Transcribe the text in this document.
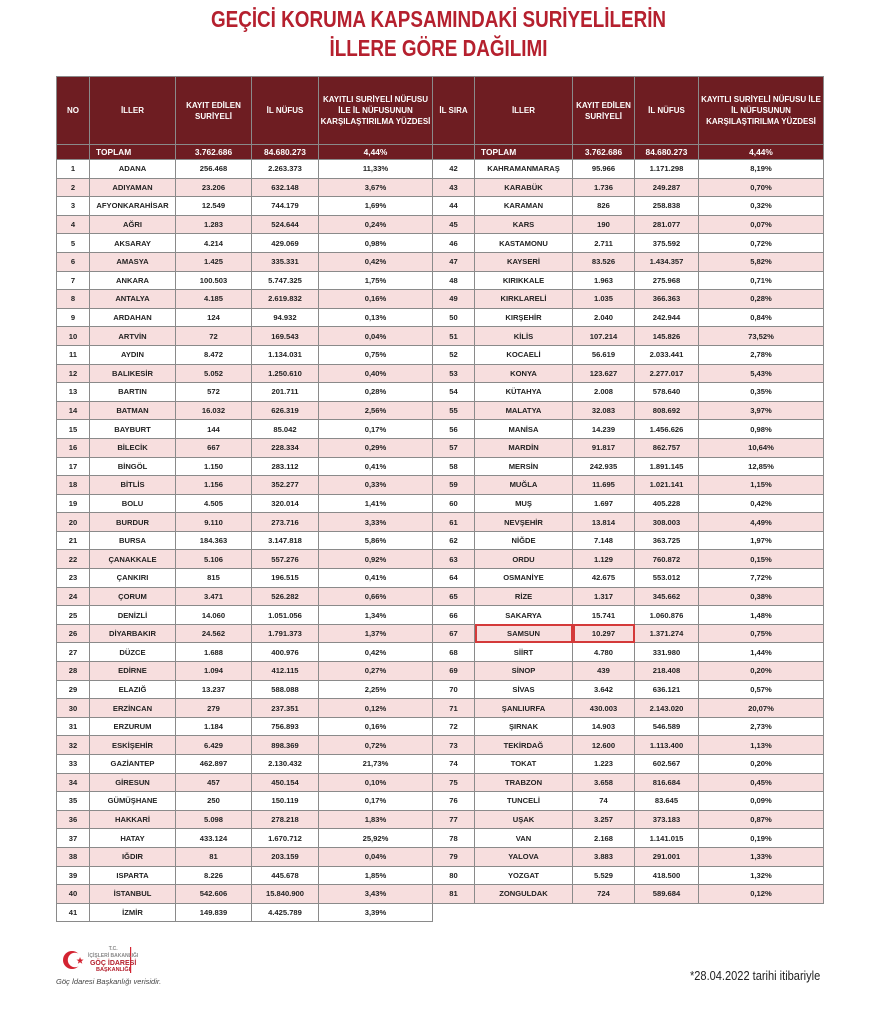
GEÇİCİ KORUMA KAPSAMINDAKİ SURİYELİLERİN
İLLERE GÖRE DAĞILIMI
NO	İLLER	KAYIT EDİLEN SURİYELİ	İL NÜFUS	KAYITLI SURİYELİ NÜFUSU İLE İL NÜFUSUNUN KARŞILAŞTIRILMA YÜZDESİ	İL SIRA	İLLER	KAYIT EDİLEN SURİYELİ	İL NÜFUS	KAYITLI SURİYELİ NÜFUSU İLE İL NÜFUSUNUN KARŞILAŞTIRILMA YÜZDESİ
	TOPLAM	3.762.686	84.680.273	4,44%		TOPLAM	3.762.686	84.680.273	4,44%
1	ADANA	256.468	2.263.373	11,33%	42	KAHRAMANMARAŞ	95.966	1.171.298	8,19%
2	ADIYAMAN	23.206	632.148	3,67%	43	KARABÜK	1.736	249.287	0,70%
3	AFYONKARAHİSAR	12.549	744.179	1,69%	44	KARAMAN	826	258.838	0,32%
4	AĞRI	1.283	524.644	0,24%	45	KARS	190	281.077	0,07%
5	AKSARAY	4.214	429.069	0,98%	46	KASTAMONU	2.711	375.592	0,72%
6	AMASYA	1.425	335.331	0,42%	47	KAYSERİ	83.526	1.434.357	5,82%
7	ANKARA	100.503	5.747.325	1,75%	48	KIRIKKALE	1.963	275.968	0,71%
8	ANTALYA	4.185	2.619.832	0,16%	49	KIRKLARELİ	1.035	366.363	0,28%
9	ARDAHAN	124	94.932	0,13%	50	KIRŞEHİR	2.040	242.944	0,84%
10	ARTVİN	72	169.543	0,04%	51	KİLİS	107.214	145.826	73,52%
11	AYDIN	8.472	1.134.031	0,75%	52	KOCAELİ	56.619	2.033.441	2,78%
12	BALIKESİR	5.052	1.250.610	0,40%	53	KONYA	123.627	2.277.017	5,43%
13	BARTIN	572	201.711	0,28%	54	KÜTAHYA	2.008	578.640	0,35%
14	BATMAN	16.032	626.319	2,56%	55	MALATYA	32.083	808.692	3,97%
15	BAYBURT	144	85.042	0,17%	56	MANİSA	14.239	1.456.626	0,98%
16	BİLECİK	667	228.334	0,29%	57	MARDİN	91.817	862.757	10,64%
17	BİNGÖL	1.150	283.112	0,41%	58	MERSİN	242.935	1.891.145	12,85%
18	BİTLİS	1.156	352.277	0,33%	59	MUĞLA	11.695	1.021.141	1,15%
19	BOLU	4.505	320.014	1,41%	60	MUŞ	1.697	405.228	0,42%
20	BURDUR	9.110	273.716	3,33%	61	NEVŞEHİR	13.814	308.003	4,49%
21	BURSA	184.363	3.147.818	5,86%	62	NİĞDE	7.148	363.725	1,97%
22	ÇANAKKALE	5.106	557.276	0,92%	63	ORDU	1.129	760.872	0,15%
23	ÇANKIRI	815	196.515	0,41%	64	OSMANİYE	42.675	553.012	7,72%
24	ÇORUM	3.471	526.282	0,66%	65	RİZE	1.317	345.662	0,38%
25	DENİZLİ	14.060	1.051.056	1,34%	66	SAKARYA	15.741	1.060.876	1,48%
26	DİYARBAKIR	24.562	1.791.373	1,37%	67	SAMSUN	10.297	1.371.274	0,75%
27	DÜZCE	1.688	400.976	0,42%	68	SİİRT	4.780	331.980	1,44%
28	EDİRNE	1.094	412.115	0,27%	69	SİNOP	439	218.408	0,20%
29	ELAZIĞ	13.237	588.088	2,25%	70	SİVAS	3.642	636.121	0,57%
30	ERZİNCAN	279	237.351	0,12%	71	ŞANLIURFA	430.003	2.143.020	20,07%
31	ERZURUM	1.184	756.893	0,16%	72	ŞIRNAK	14.903	546.589	2,73%
32	ESKİŞEHİR	6.429	898.369	0,72%	73	TEKİRDAĞ	12.600	1.113.400	1,13%
33	GAZİANTEP	462.897	2.130.432	21,73%	74	TOKAT	1.223	602.567	0,20%
34	GİRESUN	457	450.154	0,10%	75	TRABZON	3.658	816.684	0,45%
35	GÜMÜŞHANE	250	150.119	0,17%	76	TUNCELİ	74	83.645	0,09%
36	HAKKARİ	5.098	278.218	1,83%	77	UŞAK	3.257	373.183	0,87%
37	HATAY	433.124	1.670.712	25,92%	78	VAN	2.168	1.141.015	0,19%
38	IĞDIR	81	203.159	0,04%	79	YALOVA	3.883	291.001	1,33%
39	ISPARTA	8.226	445.678	1,85%	80	YOZGAT	5.529	418.500	1,32%
40	İSTANBUL	542.606	15.840.900	3,43%	81	ZONGULDAK	724	589.684	0,12%
41	İZMİR	149.839	4.425.789	3,39%					
T.C.
İÇİŞLERİ BAKANLIĞI
GÖÇ İDARESİ
BAŞKANLIĞI
Göç İdaresi Başkanlığı verisidir.	*28.04.2022 tarihi itibariyle
